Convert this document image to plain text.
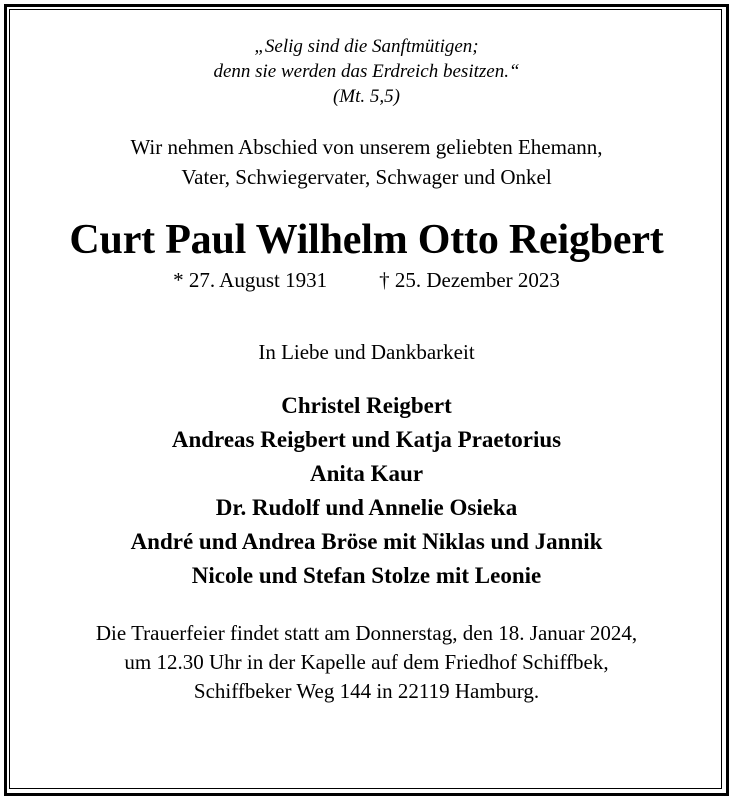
„Selig sind die Sanftmütigen;
denn sie werden das Erdreich besitzen.“
(Mt. 5,5)
Wir nehmen Abschied von unserem geliebten Ehemann,
Vater, Schwiegervater, Schwager und Onkel
Curt Paul Wilhelm Otto Reigbert
* 27. August 1931 † 25. Dezember 2023
In Liebe und Dankbarkeit
Christel Reigbert
Andreas Reigbert und Katja Praetorius
Anita Kaur
Dr. Rudolf und Annelie Osieka
André und Andrea Bröse mit Niklas und Jannik
Nicole und Stefan Stolze mit Leonie
Die Trauerfeier findet statt am Donnerstag, den 18. Januar 2024,
um 12.30 Uhr in der Kapelle auf dem Friedhof Schiffbek,
Schiffbeker Weg 144 in 22119 Hamburg.
